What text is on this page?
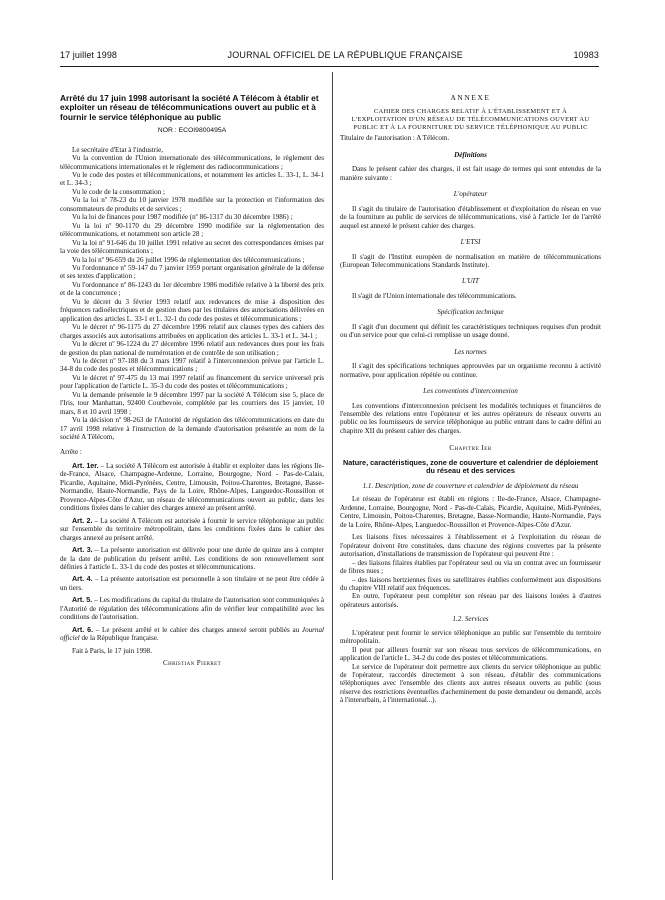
17 juillet 1998	JOURNAL OFFICIEL DE LA RÉPUBLIQUE FRANÇAISE	10983
Arrêté du 17 juin 1998 autorisant la société A Télécom à établir et exploiter un réseau de télécommunications ouvert au public et à fournir le service téléphonique au public
NOR : ECOI9800495A

Le secrétaire d'Etat à l'industrie,

Vu la convention de l'Union internationale des télécommunications, le règlement des télécommunications internationales et le règlement des radiocommunications ;

Vu le code des postes et télécommunications, et notamment les articles L. 33-1, L. 34-1 et L. 34-3 ;

Vu le code de la consommation ;

Vu la loi nº 78-23 du 10 janvier 1978 modifiée sur la protection et l'information des consommateurs de produits et de services ;

Vu la loi de finances pour 1987 modifiée (nº 86-1317 du 30 décembre 1986) ;

Vu la loi nº 90-1170 du 29 décembre 1990 modifiée sur la réglementation des télécommunications, et notamment son article 28 ;

Vu la loi nº 91-646 du 10 juillet 1991 relative au secret des correspondances émises par la voie des télécommunications ;

Vu la loi nº 96-659 du 26 juillet 1996 de réglementation des télécommunications ;

Vu l'ordonnance nº 59-147 du 7 janvier 1959 portant organisation générale de la défense et ses textes d'application ;

Vu l'ordonnance nº 86-1243 du 1er décembre 1986 modifiée relative à la liberté des prix et de la concurrence ;

Vu le décret du 3 février 1993 relatif aux redevances de mise à disposition des fréquences radioélectriques et de gestion dues par les titulaires des autorisations délivrées en application des articles L. 33-1 et L. 32-1 du code des postes et télécommunications ;

Vu le décret nº 96-1175 du 27 décembre 1996 relatif aux clauses types des cahiers des charges associés aux autorisations attribuées en application des articles L. 33-1 et L. 34-1 ;

Vu le décret nº 96-1224 du 27 décembre 1996 relatif aux redevances dues pour les frais de gestion du plan national de numérotation et de contrôle de son utilisation ;

Vu le décret nº 97-188 du 3 mars 1997 relatif à l'interconnexion prévue par l'article L. 34-8 du code des postes et télécommunications ;

Vu le décret nº 97-475 du 13 mai 1997 relatif au financement du service universel pris pour l'application de l'article L. 35-3 du code des postes et télécommunications ;

Vu la demande présentée le 9 décembre 1997 par la société A Télécom sise 5, place de l'Iris, tour Manhattan, 92400 Courbevoie, complétée par les courriers des 15 janvier, 10 mars, 8 et 10 avril 1998 ;

Vu la décision nº 98-263 de l'Autorité de régulation des télécommunications en date du 17 avril 1998 relative à l'instruction de la demande d'autorisation présentée au nom de la société A Télécom,

Arrête :

Art. 1er. – La société A Télécom est autorisée à établir et exploiter dans les régions Ile-de-France, Alsace, Champagne-Ardenne, Lorraine, Bourgogne, Nord - Pas-de-Calais, Picardie, Aquitaine, Midi-Pyrénées, Centre, Limousin, Poitou-Charentes, Bretagne, Basse-Normandie, Haute-Normandie, Pays de la Loire, Rhône-Alpes, Languedoc-Roussillon et Provence-Alpes-Côte d'Azur, un réseau de télécommunications ouvert au public, dans les conditions fixées dans le cahier des charges annexé au présent arrêté.

Art. 2. – La société A Télécom est autorisée à fournir le service téléphonique au public sur l'ensemble du territoire métropolitain, dans les conditions fixées dans le cahier des charges annexé au présent arrêté.

Art. 3. – La présente autorisation est délivrée pour une durée de quinze ans à compter de la date de publication du présent arrêté. Les conditions de son renouvellement sont définies à l'article L. 33-1 du code des postes et télécommunications.

Art. 4. – La présente autorisation est personnelle à son titulaire et ne peut être cédée à un tiers.

Art. 5. – Les modifications du capital du titulaire de l'autorisation sont communiquées à l'Autorité de régulation des télécommunications afin de vérifier leur compatibilité avec les conditions de l'autorisation.

Art. 6. – Le présent arrêté et le cahier des charges annexé seront publiés au Journal officiel de la République française.

Fait à Paris, le 17 juin 1998.

Christian Pierret
ANNEXE
CAHIER DES CHARGES RELATIF À L'ÉTABLISSEMENT ET À L'EXPLOITATION D'UN RÉSEAU DE TÉLÉCOMMUNICATIONS OUVERT AU PUBLIC ET À LA FOURNITURE DU SERVICE TÉLÉPHONIQUE AU PUBLIC

Titulaire de l'autorisation : A Télécom.

Définitions

Dans le présent cahier des charges, il est fait usage de termes qui sont entendus de la manière suivante :

L'opérateur

Il s'agit du titulaire de l'autorisation d'établissement et d'exploitation du réseau en vue de la fourniture au public de services de télécommunications, visé à l'article 1er de l'arrêté auquel est annexé le présent cahier des charges.

L'ETSI

Il s'agit de l'Institut européen de normalisation en matière de télécommunications (European Telecommunications Standards Institute).

L'UIT

Il s'agit de l'Union internationale des télécommunications.

Spécification technique

Il s'agit d'un document qui définit les caractéristiques techniques requises d'un produit ou d'un service pour que celui-ci remplisse un usage donné.

Les normes

Il s'agit des spécifications techniques approuvées par un organisme reconnu à activité normative, pour application répétée ou continue.

Les conventions d'interconnexion

Les conventions d'interconnexion précisent les modalités techniques et financières de l'ensemble des relations entre l'opérateur et les autres opérateurs de réseaux ouverts au public ou les fournisseurs de service téléphonique au public entrant dans le cadre défini au chapitre XII du présent cahier des charges.

Chapitre Ier
Nature, caractéristiques, zone de couverture et calendrier de déploiement du réseau et des services
1.1. Description, zone de couverture et calendrier de déploiement du réseau

Le réseau de l'opérateur est établi en régions : Ile-de-France, Alsace, Champagne-Ardenne, Lorraine, Bourgogne, Nord - Pas-de-Calais, Picardie, Aquitaine, Midi-Pyrénées, Centre, Limousin, Poitou-Charentes, Bretagne, Basse-Normandie, Haute-Normandie, Pays de la Loire, Rhône-Alpes, Languedoc-Roussillon et Provence-Alpes-Côte d'Azur.

Les liaisons fixes nécessaires à l'établissement et à l'exploitation du réseau de l'opérateur doivent être constituées, dans chacune des régions couvertes par la présente autorisation, d'installations de transmission de l'opérateur qui peuvent être :

– des liaisons filaires établies par l'opérateur seul ou via un contrat avec un fournisseur de fibres nues ;

– des liaisons hertziennes fixes ou satellitaires établies conformément aux dispositions du chapitre VIII relatif aux fréquences.

En outre, l'opérateur peut compléter son réseau par des liaisons louées à d'autres opérateurs autorisés.

1.2. Services

L'opérateur peut fournir le service téléphonique au public sur l'ensemble du territoire métropolitain.

Il peut par ailleurs fournir sur son réseau tous services de télécommunications, en application de l'article L. 34-2 du code des postes et télécommunications.

Le service de l'opérateur doit permettre aux clients du service téléphonique au public de l'opérateur, raccordés directement à son réseau, d'établir des communications téléphoniques avec l'ensemble des clients aux autres réseaux ouverts au public (sous réserve des restrictions éventuelles d'acheminement du poste demandeur ou demandé, accès à l'interurbain, à l'international...).
